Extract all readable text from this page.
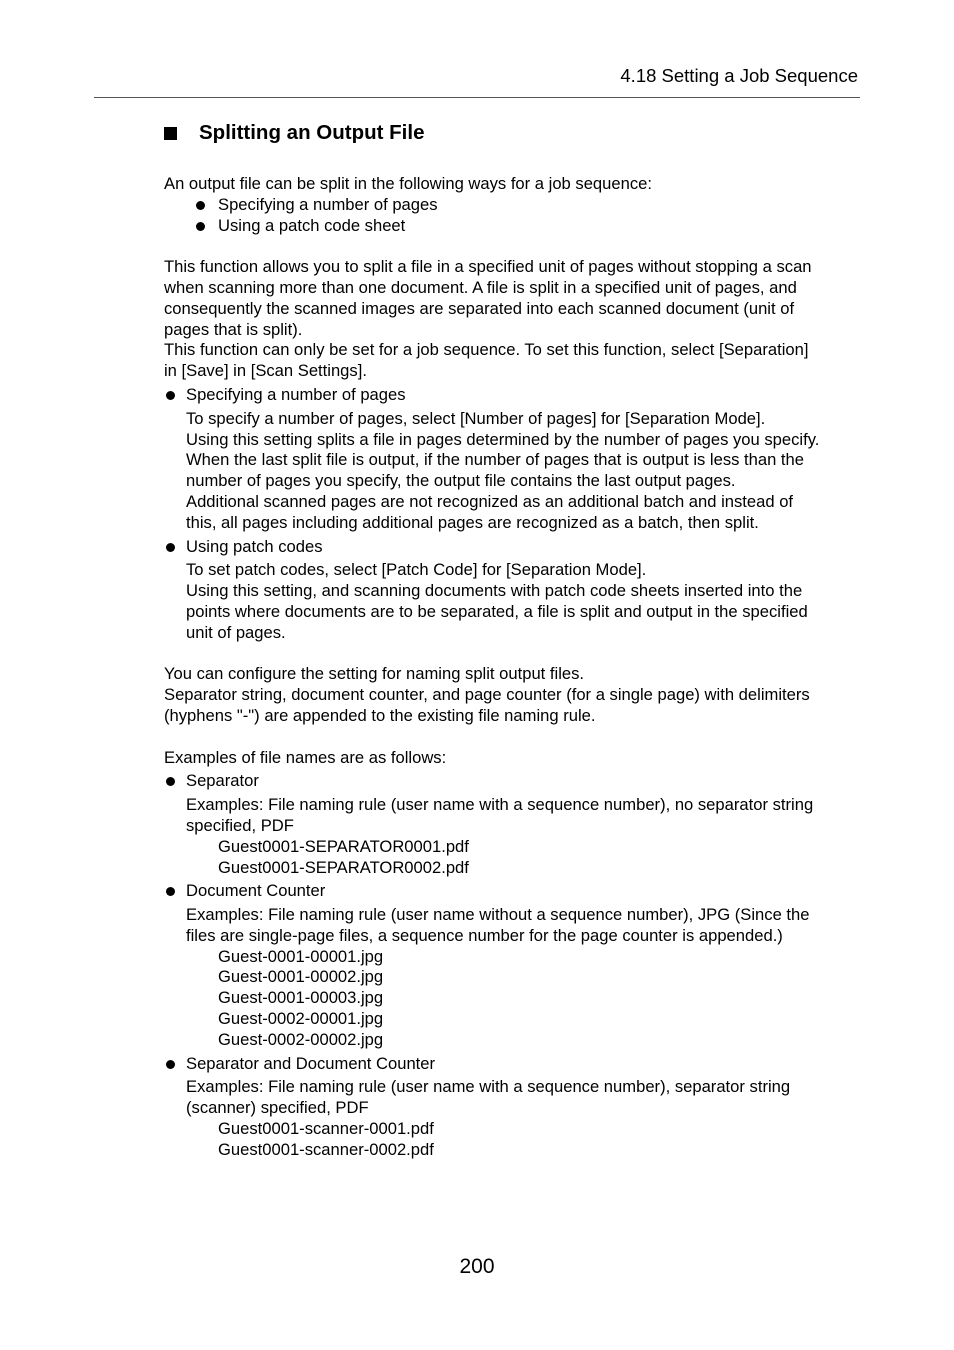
4.18 Setting a Job Sequence
Splitting an Output File

An output file can be split in the following ways for a job sequence:

Specifying a number of pages
Using a patch code sheet

This function allows you to split a file in a specified unit of pages without stopping a scan

when scanning more than one document. A file is split in a specified unit of pages, and

consequently the scanned images are separated into each scanned document (unit of

pages that is split).

This function can only be set for a job sequence. To set this function, select [Separation]

in [Save] in [Scan Settings].

Specifying a number of pages

To specify a number of pages, select [Number of pages] for [Separation Mode].

Using this setting splits a file in pages determined by the number of pages you specify.

When the last split file is output, if the number of pages that is output is less than the

number of pages you specify, the output file contains the last output pages.

Additional scanned pages are not recognized as an additional batch and instead of

this, all pages including additional pages are recognized as a batch, then split.

Using patch codes

To set patch codes, select [Patch Code] for [Separation Mode].

Using this setting, and scanning documents with patch code sheets inserted into the

points where documents are to be separated, a file is split and output in the specified

unit of pages.

You can configure the setting for naming split output files.

Separator string, document counter, and page counter (for a single page) with delimiters

(hyphens "-") are appended to the existing file naming rule.

Examples of file names are as follows:

Separator

Examples: File naming rule (user name with a sequence number), no separator string

specified, PDF

Guest0001-SEPARATOR0001.pdf

Guest0001-SEPARATOR0002.pdf

Document Counter

Examples: File naming rule (user name without a sequence number), JPG (Since the

files are single-page files, a sequence number for the page counter is appended.)

Guest-0001-00001.jpg

Guest-0001-00002.jpg

Guest-0001-00003.jpg

Guest-0002-00001.jpg

Guest-0002-00002.jpg

Separator and Document Counter

Examples: File naming rule (user name with a sequence number), separator string

(scanner) specified, PDF

Guest0001-scanner-0001.pdf

Guest0001-scanner-0002.pdf

200
